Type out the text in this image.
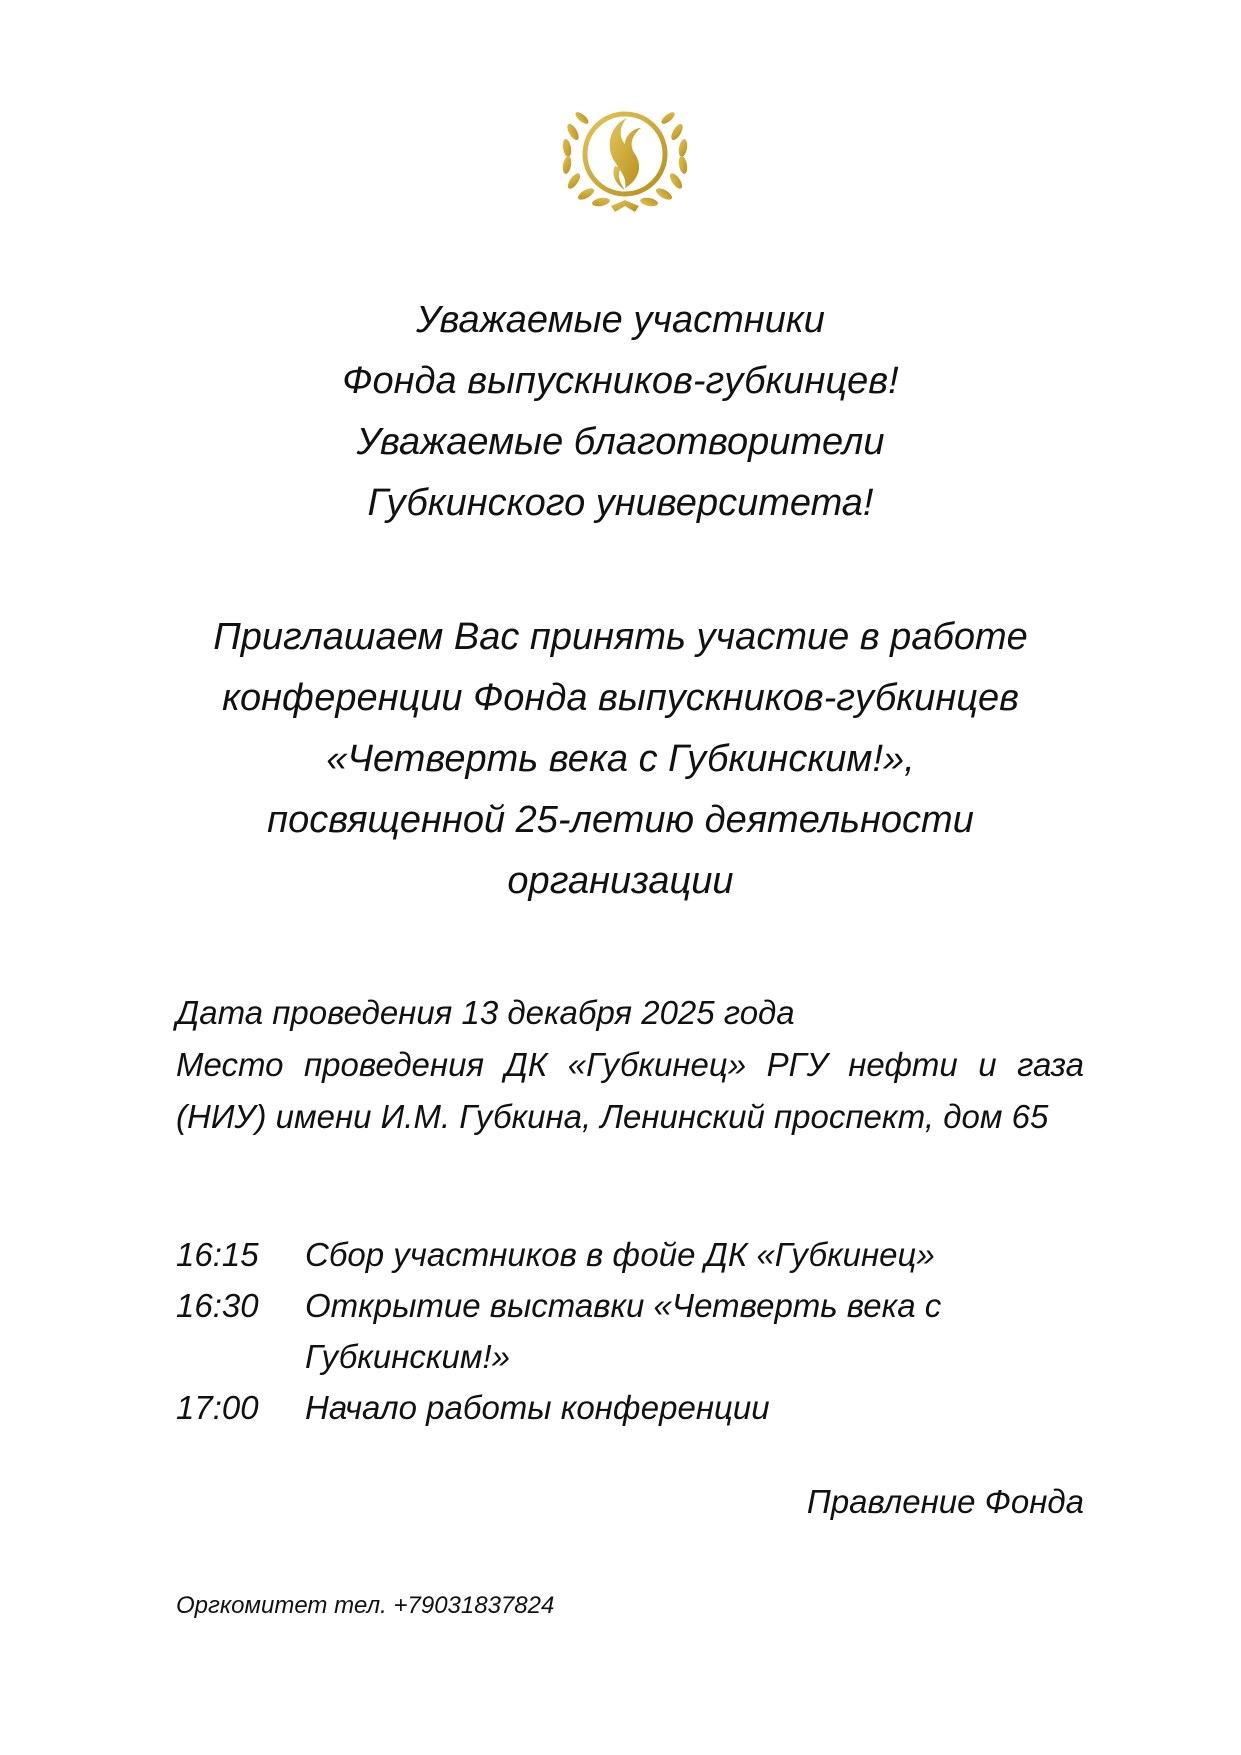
Уважаемые участники
Фонда выпускников-губкинцев!
Уважаемые благотворители
Губкинского университета!
Приглашаем Вас принять участие в работе
конференции Фонда выпускников-губкинцев
«Четверть века с Губкинским!»,
посвященной 25-летию деятельности
организации
Дата проведения 13 декабря 2025 года
Место проведения ДК «Губкинец» РГУ нефти и газа
(НИУ) имени И.М. Губкина, Ленинский проспект, дом 65
16:15	Сбор участников в фойе ДК «Губкинец»
16:30	Открытие выставки «Четверть века с Губкинским!»
17:00	Начало работы конференции
Правление Фонда
Оргкомитет тел. +79031837824
